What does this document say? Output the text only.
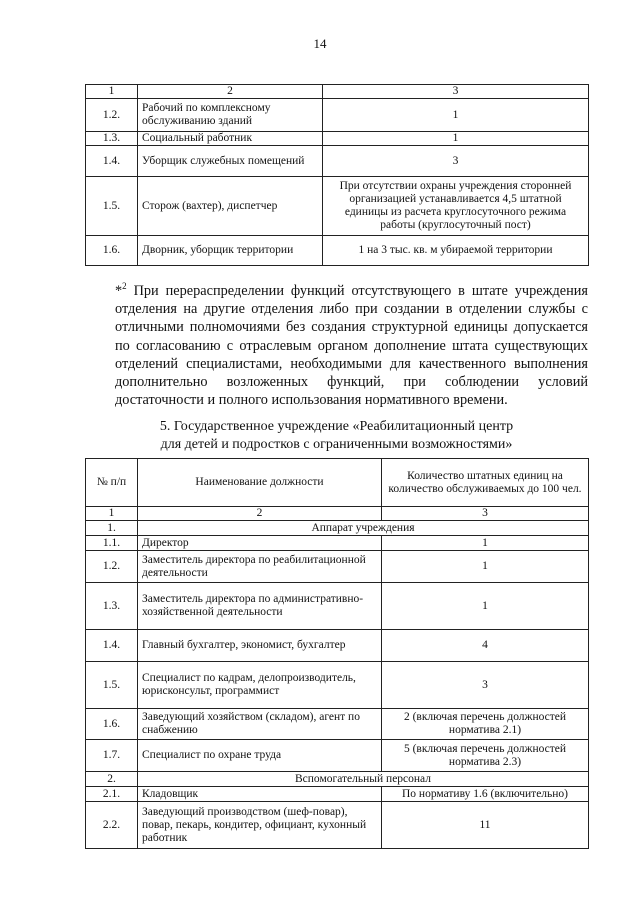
14
1	2	3
1.2.	Рабочий по комплексному обслуживанию зданий	1
1.3.	Социальный работник	1
1.4.	Уборщик служебных помещений	3
1.5.	Сторож (вахтер), диспетчер	При отсутствии охраны учреждения сторонней организацией устанавливается 4,5 штатной единицы из расчета круглосуточного режима работы (круглосуточный пост)
1.6.	Дворник, уборщик территории	1 на 3 тыс. кв. м убираемой территории
*$^2$ При перераспределении функций отсутствующего в штате учреждения отделения на другие отделения либо при создании в отделении службы с отличными полномочиями без создания структурной единицы допускается по согласованию с отраслевым органом дополнение штата существующих отделений специалистами, необходимыми для качественного выполнения дополнительно возложенных функций, при соблюдении условий достаточности и полного использования нормативного времени.
5. Государственное учреждение «Реабилитационный центр
для детей и подростков с ограниченными возможностями»
№ п/п	Наименование должности	Количество штатных единиц на количество обслуживаемых до 100 чел.
1	2	3
1.	Аппарат учреждения	
1.1.	Директор	1
1.2.	Заместитель директора по реабилитационной деятельности	1
1.3.	Заместитель директора по административно-хозяйственной деятельности	1
1.4.	Главный бухгалтер, экономист, бухгалтер	4
1.5.	Специалист по кадрам, делопроизводитель, юрисконсульт, программист	3
1.6.	Заведующий хозяйством (складом), агент по снабжению	2 (включая перечень должностей норматива 2.1)
1.7.	Специалист по охране труда	5 (включая перечень должностей норматива 2.3)
2.	Вспомогательный персонал	
2.1.	Кладовщик	По нормативу 1.6 (включительно)
2.2.	Заведующий производством (шеф-повар), повар, пекарь, кондитер, официант, кухонный работник	11
